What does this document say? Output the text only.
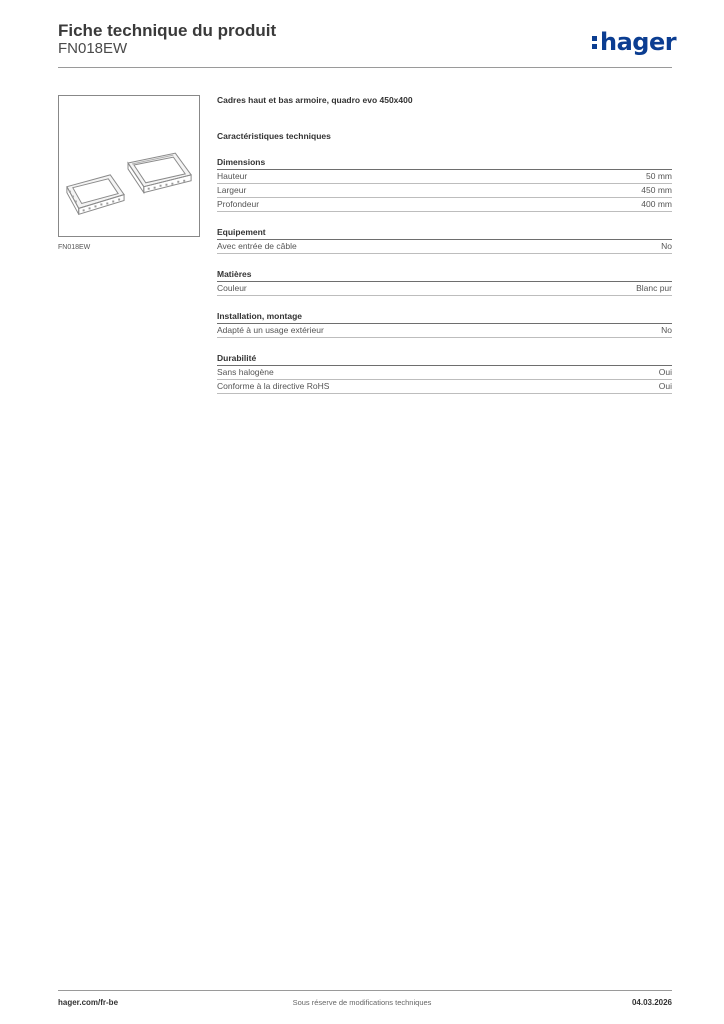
Fiche technique du produit
FN018EW	hager
FN018EW
Cadres haut et bas armoire, quadro evo 450x400
Caractéristiques techniques
Dimensions
Hauteur	50 mm
Largeur	450 mm
Profondeur	400 mm
Equipement
Avec entrée de câble	No
Matières
Couleur	Blanc pur
Installation, montage
Adapté à un usage extérieur	No
Durabilité
Sans halogène	Oui
Conforme à la directive RoHS	Oui
hager.com/fr-be	Sous réserve de modifications techniques	04.03.2026
